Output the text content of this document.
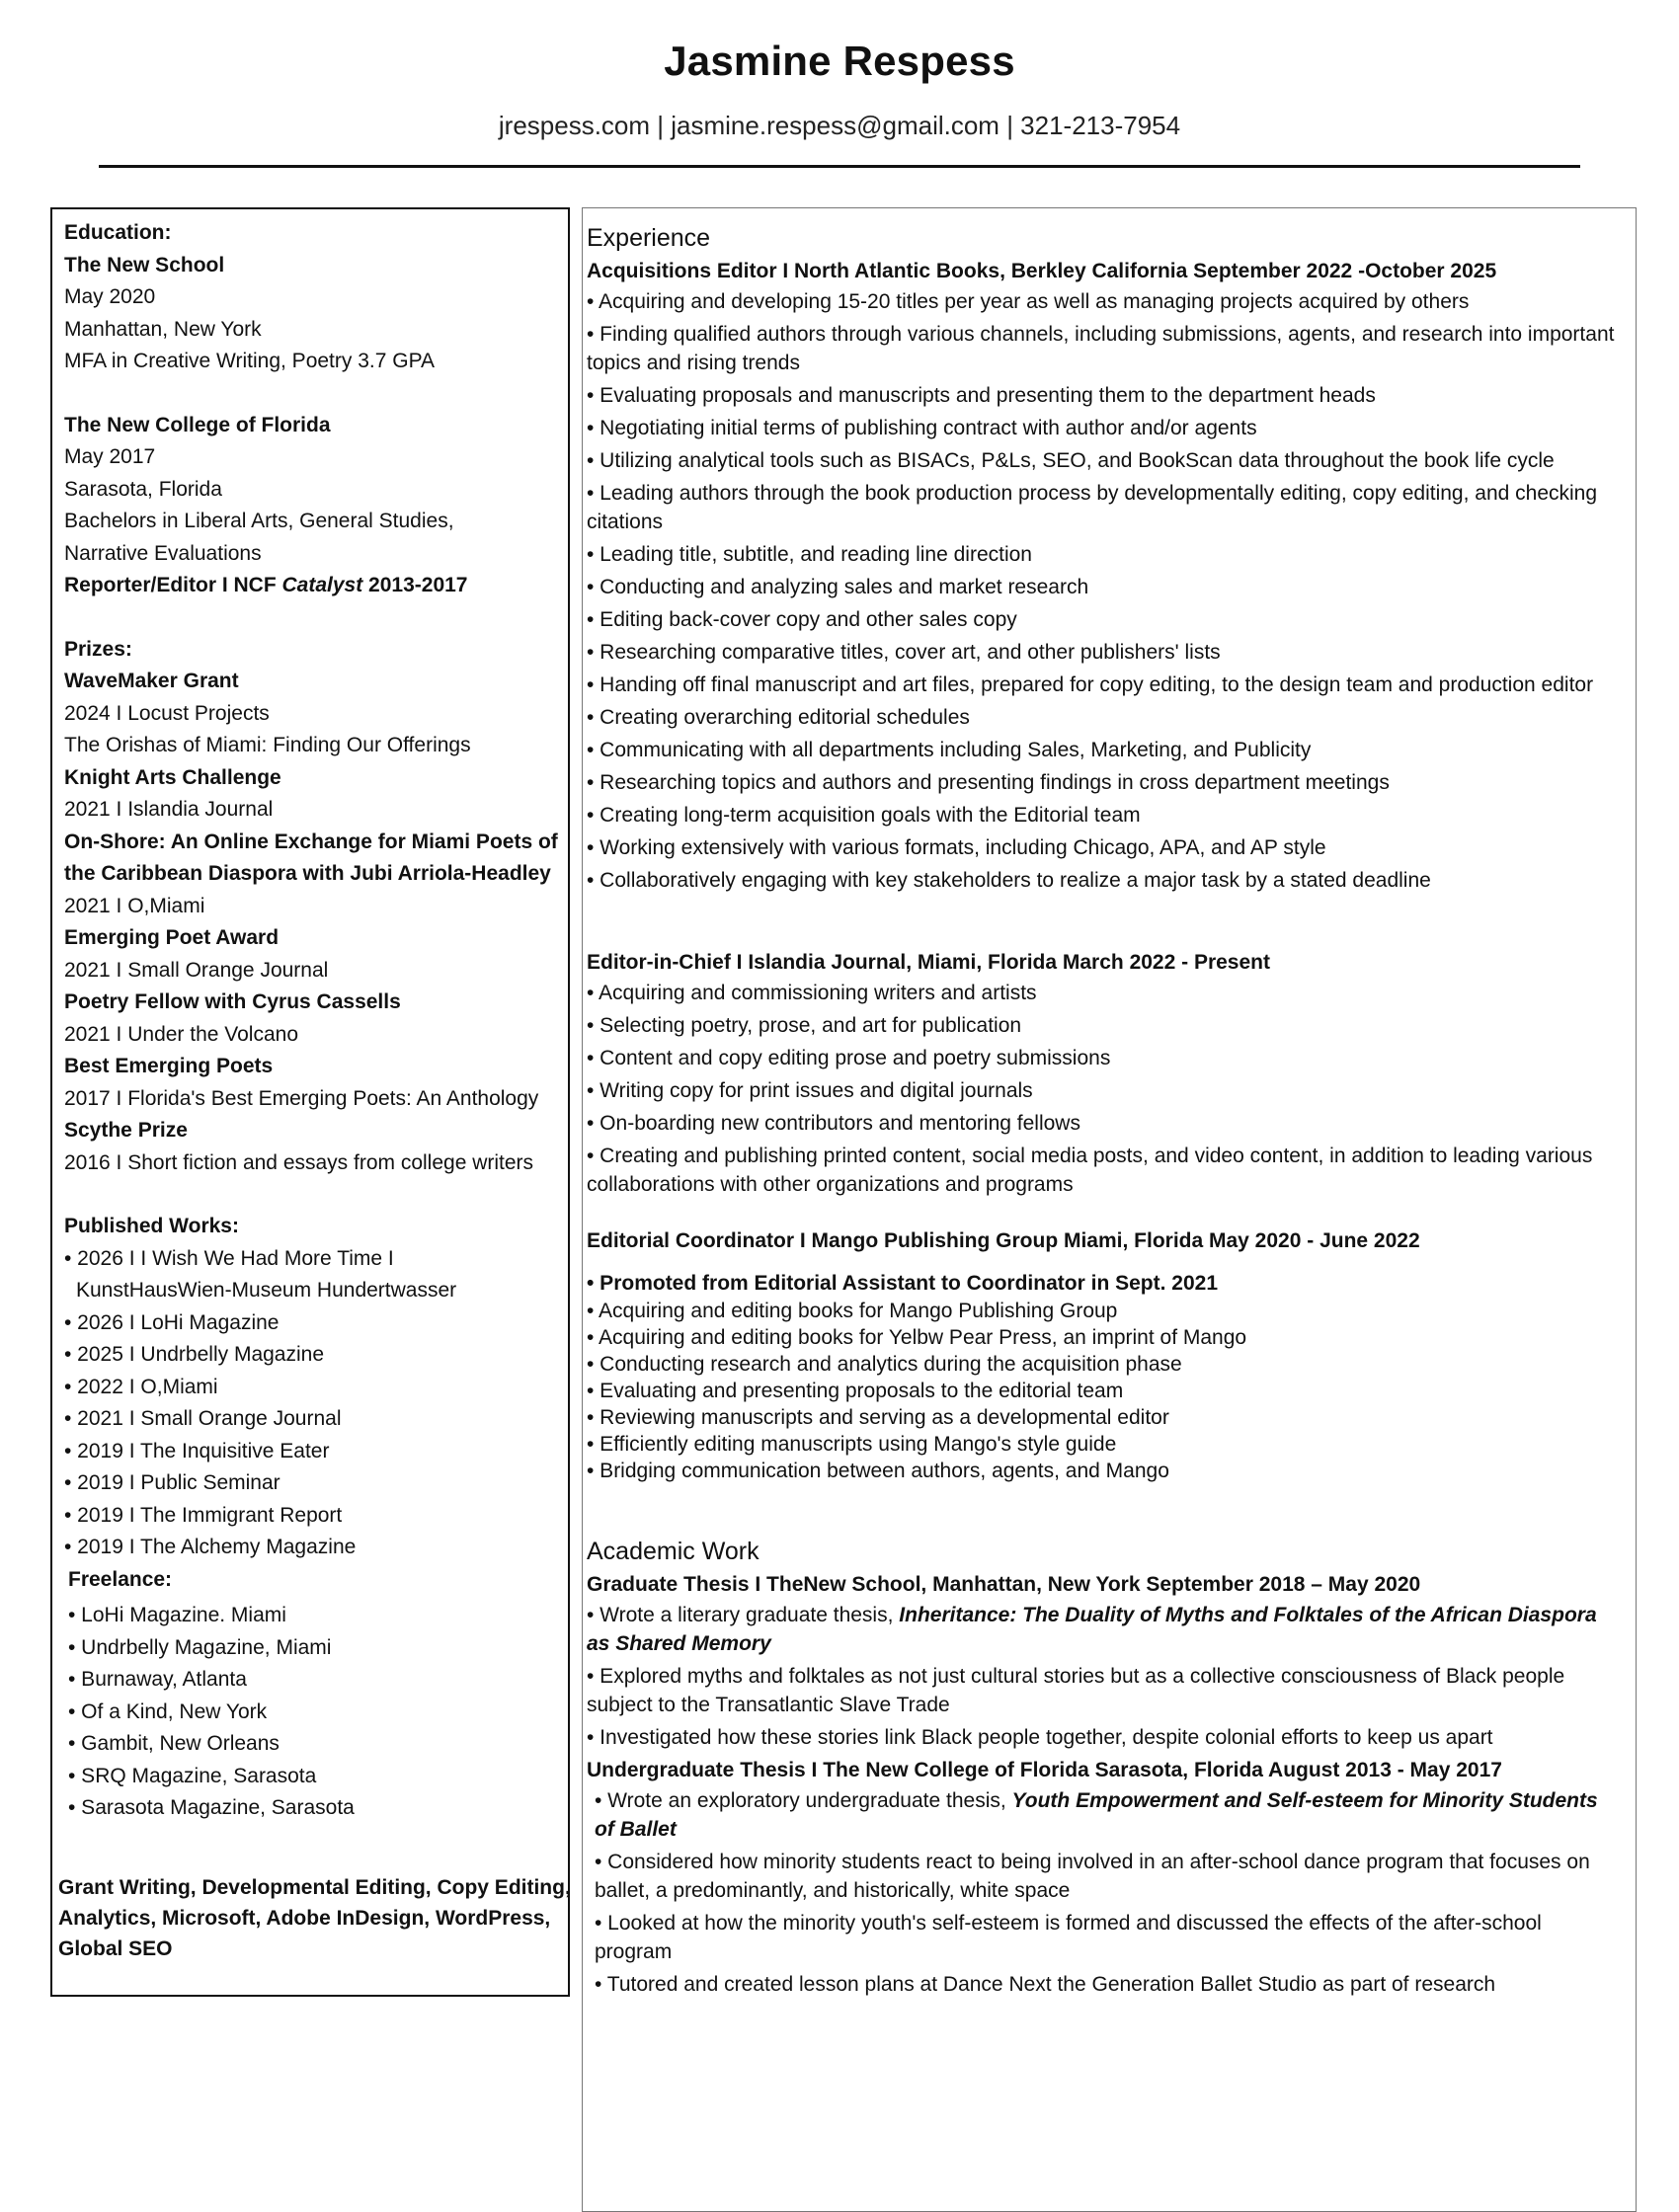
Jasmine Respess

jrespess.com | jasmine.respess@gmail.com | 321-213-7954

Education:
The New School
May 2020
Manhattan, New York
MFA in Creative Writing, Poetry 3.7 GPA
The New College of Florida
May 2017
Sarasota, Florida
Bachelors in Liberal Arts, General Studies,
Narrative Evaluations
Reporter/Editor I NCF Catalyst 2013-2017
Prizes:
WaveMaker Grant
2024 I Locust Projects
The Orishas of Miami: Finding Our Offerings
Knight Arts Challenge
2021 I Islandia Journal
On-Shore: An Online Exchange for Miami Poets of
the Caribbean Diaspora with Jubi Arriola-Headley
2021 I O,Miami
Emerging Poet Award
2021 I Small Orange Journal
Poetry Fellow with Cyrus Cassells
2021 I Under the Volcano
Best Emerging Poets
2017 I Florida's Best Emerging Poets: An Anthology
Scythe Prize
2016 I Short fiction and essays from college writers
Published Works:
• 2026 I I Wish We Had More Time I
KunstHausWien-Museum Hundertwasser
• 2026 I LoHi Magazine
• 2025 I Undrbelly Magazine
• 2022 I O,Miami
• 2021 I Small Orange Journal
• 2019 I The Inquisitive Eater
• 2019 I Public Seminar
• 2019 I The Immigrant Report
• 2019 I The Alchemy Magazine
Freelance:
• LoHi Magazine. Miami
• Undrbelly Magazine, Miami
• Burnaway, Atlanta
• Of a Kind, New York
• Gambit, New Orleans
• SRQ Magazine, Sarasota
• Sarasota Magazine, Sarasota
Grant Writing, Developmental Editing, Copy Editing, Analytics, Microsoft, Adobe InDesign, WordPress, Global SEO
Experience
Acquisitions Editor I North Atlantic Books, Berkley California September 2022 -October 2025
• Acquiring and developing 15-20 titles per year as well as managing projects acquired by others
• Finding qualified authors through various channels, including submissions, agents, and research into important topics and rising trends
• Evaluating proposals and manuscripts and presenting them to the department heads
• Negotiating initial terms of publishing contract with author and/or agents
• Utilizing analytical tools such as BISACs, P&Ls, SEO, and BookScan data throughout the book life cycle
• Leading authors through the book production process by developmentally editing, copy editing, and checking citations
• Leading title, subtitle, and reading line direction
• Conducting and analyzing sales and market research
• Editing back-cover copy and other sales copy
• Researching comparative titles, cover art, and other publishers' lists
• Handing off final manuscript and art files, prepared for copy editing, to the design team and production editor
• Creating overarching editorial schedules
• Communicating with all departments including Sales, Marketing, and Publicity
• Researching topics and authors and presenting findings in cross department meetings
• Creating long-term acquisition goals with the Editorial team
• Working extensively with various formats, including Chicago, APA, and AP style
• Collaboratively engaging with key stakeholders to realize a major task by a stated deadline
Editor-in-Chief I Islandia Journal, Miami, Florida March 2022 - Present
• Acquiring and commissioning writers and artists
• Selecting poetry, prose, and art for publication
• Content and copy editing prose and poetry submissions
• Writing copy for print issues and digital journals
• On-boarding new contributors and mentoring fellows
• Creating and publishing printed content, social media posts, and video content, in addition to leading various collaborations with other organizations and programs
Editorial Coordinator I Mango Publishing Group Miami, Florida May 2020 - June 2022
• Promoted from Editorial Assistant to Coordinator in Sept. 2021
• Acquiring and editing books for Mango Publishing Group
• Acquiring and editing books for Yelbw Pear Press, an imprint of Mango
• Conducting research and analytics during the acquisition phase
• Evaluating and presenting proposals to the editorial team
• Reviewing manuscripts and serving as a developmental editor
• Efficiently editing manuscripts using Mango's style guide
• Bridging communication between authors, agents, and Mango
Academic Work
Graduate Thesis I TheNew School, Manhattan, New York September 2018 – May 2020
• Wrote a literary graduate thesis, Inheritance: The Duality of Myths and Folktales of the African Diaspora as Shared Memory
• Explored myths and folktales as not just cultural stories but as a collective consciousness of Black people subject to the Transatlantic Slave Trade
• Investigated how these stories link Black people together, despite colonial efforts to keep us apart
Undergraduate Thesis I The New College of Florida Sarasota, Florida August 2013 - May 2017
• Wrote an exploratory undergraduate thesis, Youth Empowerment and Self-esteem for Minority Students of Ballet
• Considered how minority students react to being involved in an after-school dance program that focuses on ballet, a predominantly, and historically, white space
• Looked at how the minority youth's self-esteem is formed and discussed the effects of the after-school program
• Tutored and created lesson plans at Dance Next the Generation Ballet Studio as part of research
